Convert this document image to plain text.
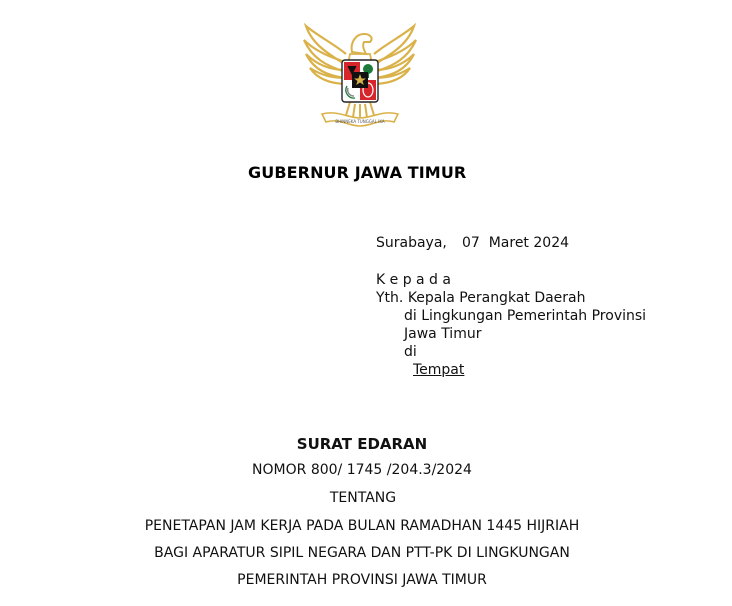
BHINNEKA TUNGGAL IKA
GUBERNUR JAWA TIMUR
Surabaya, 07  Maret 2024
K e p a d a
Yth. Kepala Perangkat Daerah
di Lingkungan Pemerintah Provinsi
Jawa Timur
di
Tempat
SURAT EDARAN
NOMOR 800/ 1745 /204.3/2024
TENTANG
PENETAPAN JAM KERJA PADA BULAN RAMADHAN 1445 HIJRIAH
BAGI APARATUR SIPIL NEGARA DAN PTT-PK DI LINGKUNGAN
PEMERINTAH PROVINSI JAWA TIMUR
